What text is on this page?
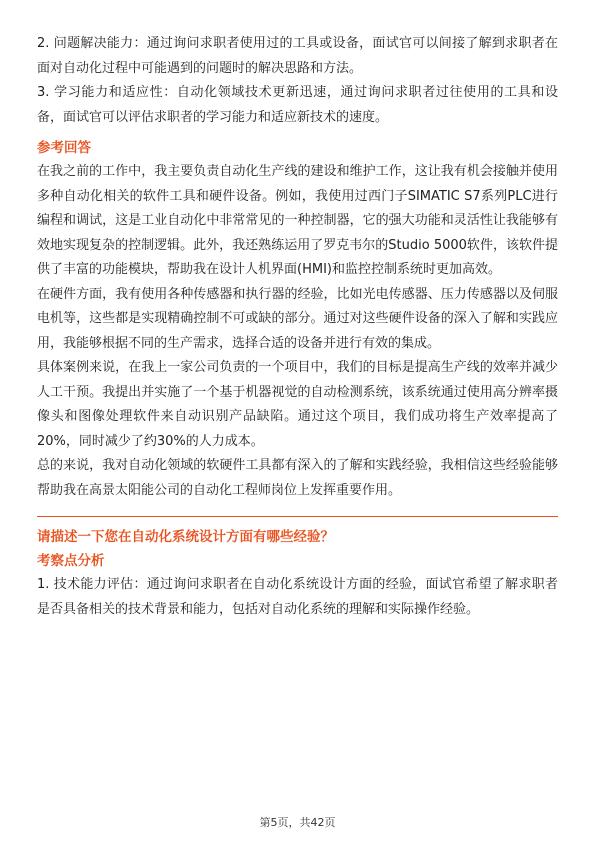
2. 问题解决能力：通过询问求职者使用过的工具或设备，面试官可以间接了解到求职者在面对自动化过程中可能遇到的问题时的解决思路和方法。

3. 学习能力和适应性：自动化领域技术更新迅速，通过询问求职者过往使用的工具和设备，面试官可以评估求职者的学习能力和适应新技术的速度。

参考回答

在我之前的工作中，我主要负责自动化生产线的建设和维护工作，这让我有机会接触并使用多种自动化相关的软件工具和硬件设备。例如，我使用过西门子SIMATIC S7系列PLC进行编程和调试，这是工业自动化中非常常见的一种控制器，它的强大功能和灵活性让我能够有效地实现复杂的控制逻辑。此外，我还熟练运用了罗克韦尔的Studio 5000软件，该软件提供了丰富的功能模块，帮助我在设计人机界面(HMI)和监控控制系统时更加高效。

在硬件方面，我有使用各种传感器和执行器的经验，比如光电传感器、压力传感器以及伺服电机等，这些都是实现精确控制不可或缺的部分。通过对这些硬件设备的深入了解和实践应用，我能够根据不同的生产需求，选择合适的设备并进行有效的集成。

具体案例来说，在我上一家公司负责的一个项目中，我们的目标是提高生产线的效率并减少人工干预。我提出并实施了一个基于机器视觉的自动检测系统，该系统通过使用高分辨率摄像头和图像处理软件来自动识别产品缺陷。通过这个项目，我们成功将生产效率提高了20%，同时减少了约30%的人力成本。

总的来说，我对自动化领域的软硬件工具都有深入的了解和实践经验，我相信这些经验能够帮助我在高景太阳能公司的自动化工程师岗位上发挥重要作用。

请描述一下您在自动化系统设计方面有哪些经验？
考察点分析

1. 技术能力评估：通过询问求职者在自动化系统设计方面的经验，面试官希望了解求职者是否具备相关的技术背景和能力，包括对自动化系统的理解和实际操作经验。

第5页，共42页
